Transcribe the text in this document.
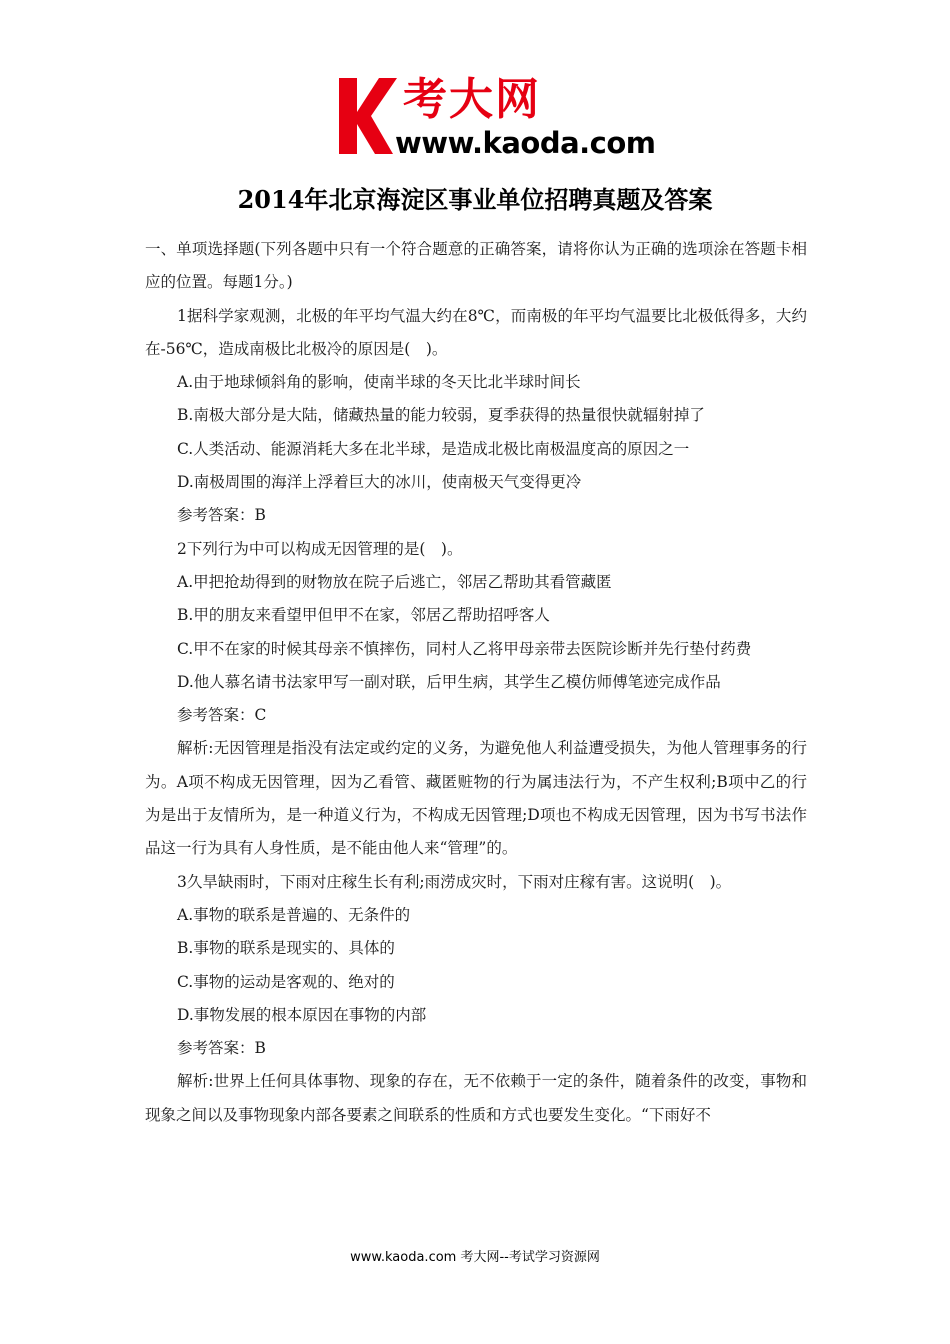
考大网
www.kaoda.com
2014年北京海淀区事业单位招聘真题及答案

一、单项选择题(下列各题中只有一个符合题意的正确答案，请将你认为正确的选项涂在答题卡相应的位置。每题1分。)

1据科学家观测，北极的年平均气温大约在8℃，而南极的年平均气温要比北极低得多，大约在-56℃，造成南极比北极冷的原因是(　)。

A.由于地球倾斜角的影响，使南半球的冬天比北半球时间长

B.南极大部分是大陆，储藏热量的能力较弱，夏季获得的热量很快就辐射掉了

C.人类活动、能源消耗大多在北半球，是造成北极比南极温度高的原因之一

D.南极周围的海洋上浮着巨大的冰川，使南极天气变得更冷

参考答案：B

2下列行为中可以构成无因管理的是(　)。

A.甲把抢劫得到的财物放在院子后逃亡，邻居乙帮助其看管藏匿

B.甲的朋友来看望甲但甲不在家，邻居乙帮助招呼客人

C.甲不在家的时候其母亲不慎摔伤，同村人乙将甲母亲带去医院诊断并先行垫付药费

D.他人慕名请书法家甲写一副对联，后甲生病，其学生乙模仿师傅笔迹完成作品

参考答案：C

解析:无因管理是指没有法定或约定的义务，为避免他人利益遭受损失，为他人管理事务的行为。A项不构成无因管理，因为乙看管、藏匿赃物的行为属违法行为，不产生权利;B项中乙的行为是出于友情所为，是一种道义行为，不构成无因管理;D项也不构成无因管理，因为书写书法作品这一行为具有人身性质，是不能由他人来“管理”的。

3久旱缺雨时，下雨对庄稼生长有利;雨涝成灾时，下雨对庄稼有害。这说明(　)。

A.事物的联系是普遍的、无条件的

B.事物的联系是现实的、具体的

C.事物的运动是客观的、绝对的

D.事物发展的根本原因在事物的内部

参考答案：B

解析:世界上任何具体事物、现象的存在，无不依赖于一定的条件，随着条件的改变，事物和现象之间以及事物现象内部各要素之间联系的性质和方式也要发生变化。“下雨好不

www.kaoda.com 考大网--考试学习资源网
